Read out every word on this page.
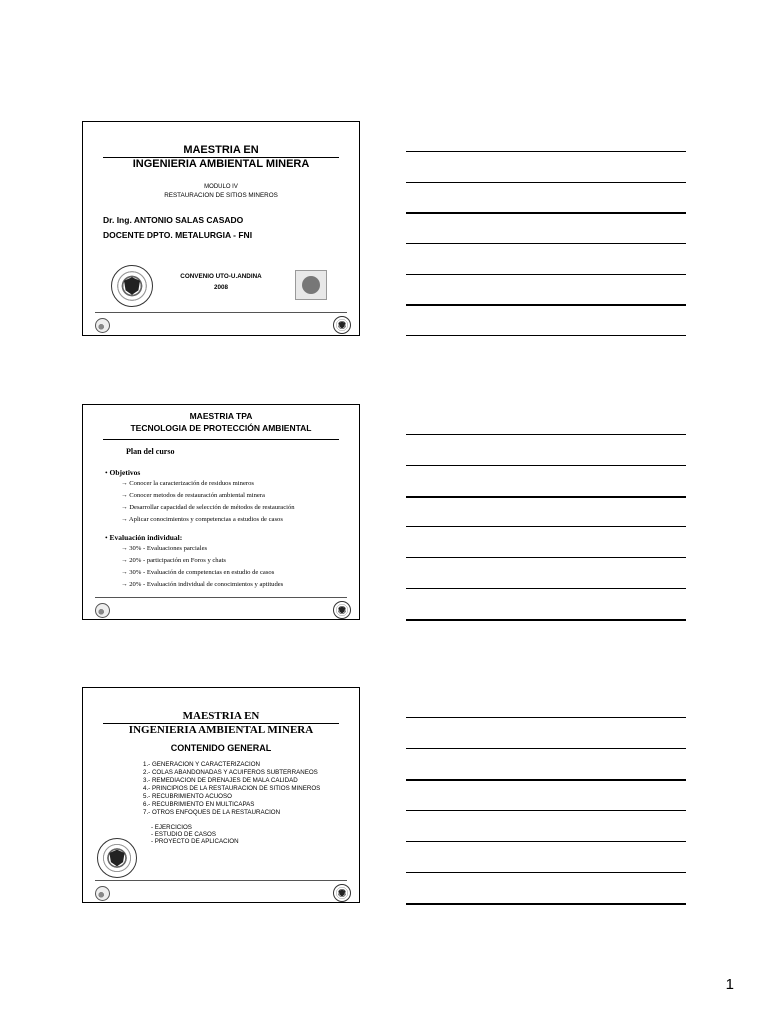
MAESTRIA EN
INGENIERIA AMBIENTAL MINERA
MODULO IV
RESTAURACION DE SITIOS MINEROS
Dr. Ing. ANTONIO SALAS CASADO
DOCENTE DPTO. METALURGIA - FNI
CONVENIO UTO-U.ANDINA
2008
MAESTRIA TPA
TECNOLOGIA DE PROTECCIÓN AMBIENTAL
Plan del curso
• Objetivos
→ Conocer la caracterización de residuos mineros
→ Conocer metodos de restauración ambiental minera
→ Desarrollar capacidad de selección de métodos de restauración
→ Aplicar conocimientos y competencias a estudios de casos
• Evaluación individual:
→ 30% - Evaluaciones parciales
→ 20% - participación en Foros y chats
→ 30% - Evaluación de competencias en estudio de casos
→ 20% - Evaluación individual de conocimientos y aptitudes
MAESTRIA EN
INGENIERIA AMBIENTAL MINERA
CONTENIDO GENERAL
1.- GENERACION Y CARACTERIZACION
2.- COLAS ABANDONADAS Y ACUIFEROS SUBTERRANEOS
3.- REMEDIACION DE DRENAJES DE MALA CALIDAD
4.- PRINCIPIOS DE LA RESTAURACION DE SITIOS MINEROS
5.- RECUBRIMIENTO ACUOSO
6.- RECUBRIMIENTO EN MULTICAPAS
7.- OTROS ENFOQUES DE LA RESTAURACION
- EJERCICIOS
- ESTUDIO DE CASOS
- PROYECTO DE APLICACION
1
